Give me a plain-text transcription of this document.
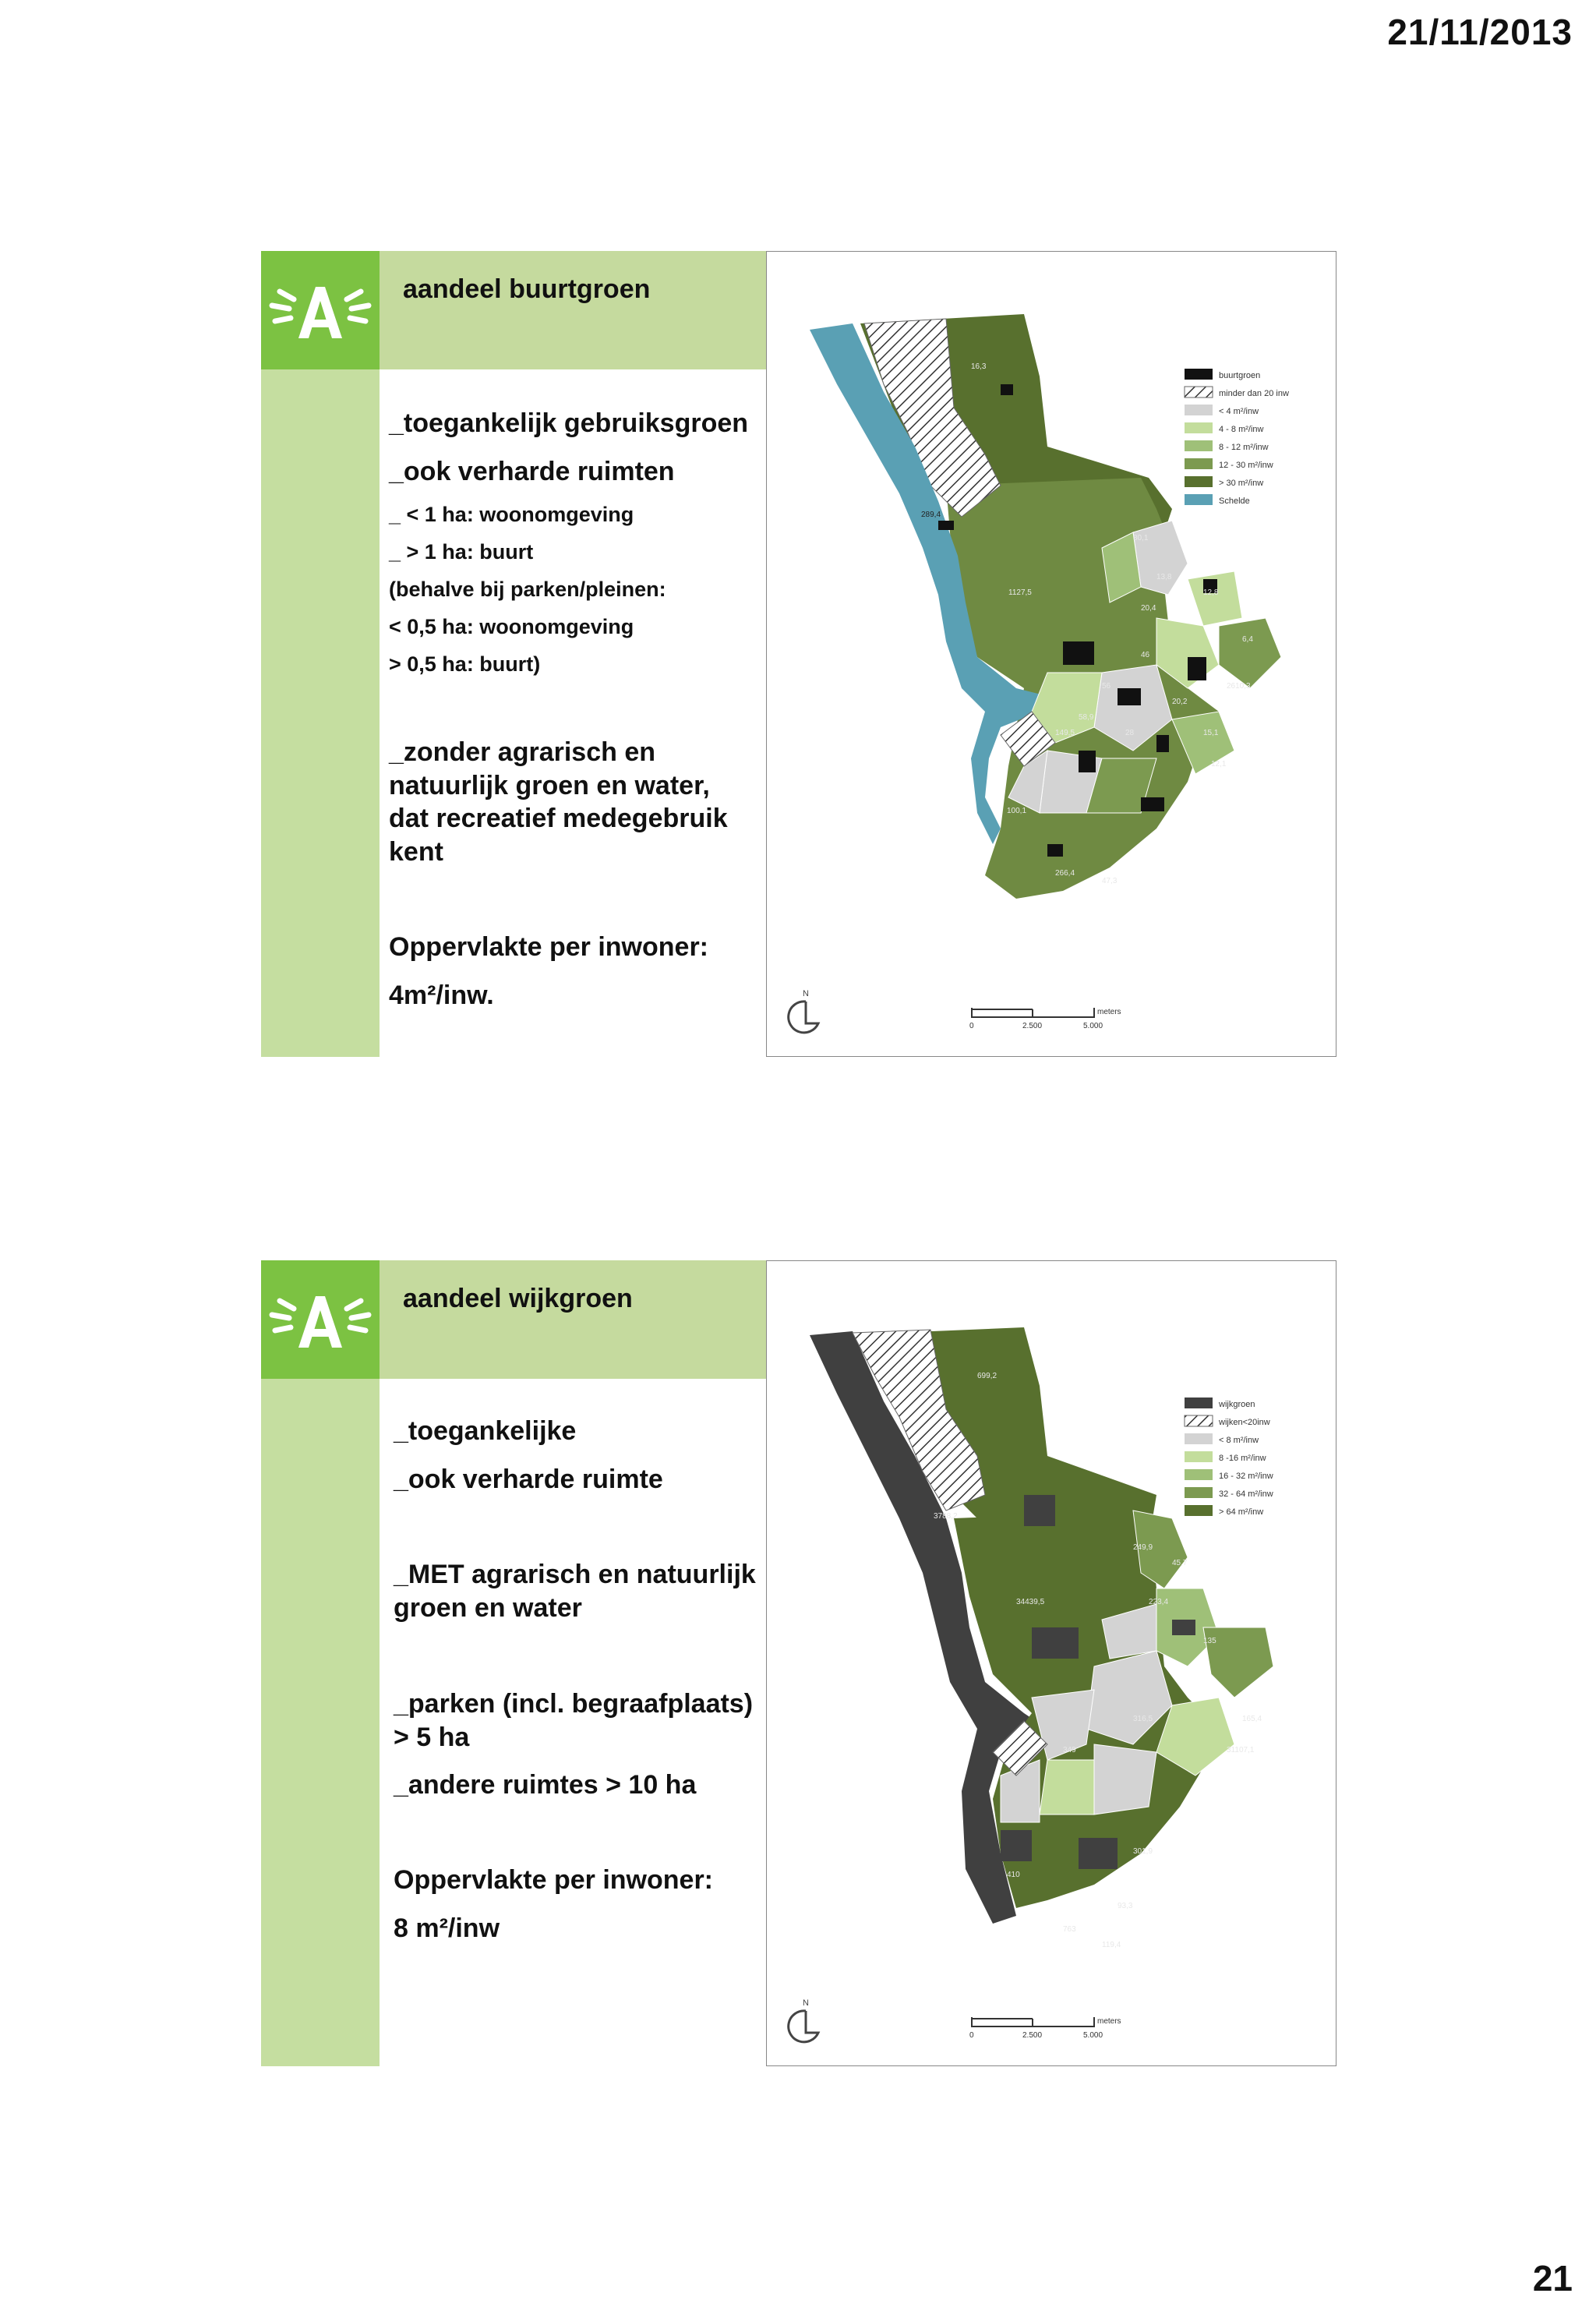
21/11/2013
aandeel buurtgroen

_toegankelijk gebruiksgroen

_ook verharde ruimten

_ < 1 ha: woonomgeving

_ > 1 ha: buurt

(behalve bij parken/pleinen:

< 0,5 ha: woonomgeving

> 0,5 ha: buurt)

_zonder agrarisch en natuurlijk groen en water, dat recreatief medegebruik kent

Oppervlakte per inwoner:

4m²/inw.

16,3
1127,5
30,1
13,8
20,4
12,8
149,5
46
56
20,2
15,1
58,9
28
12,1
100,1
266,4
47,3
6,4
2610,3
289,4
buurtgroen
minder dan 20 inw
< 4 m²/inw
4 - 8 m²/inw
8 - 12 m²/inw
12 - 30 m²/inw
> 30 m²/inw
Schelde
N
meters
0	2.500	5.000
aandeel wijkgroen

_toegankelijke

_ook verharde ruimte

_MET agrarisch en natuurlijk groen en water

_parken (incl. begraafplaats) > 5 ha

_andere ruimtes > 10 ha

Oppervlakte per inwoner:

8 m²/inw

699,2
3788,2
34439,5
249,9
223,4
135
316,5
349
165,4
31107,1
45,7
410
301,9
763
119,4
93,3
wijkgroen
wijken<20inw
< 8 m²/inw
8 -16 m²/inw
16 - 32 m²/inw
32 - 64 m²/inw
> 64 m²/inw
N
meters
0	2.500	5.000
21
